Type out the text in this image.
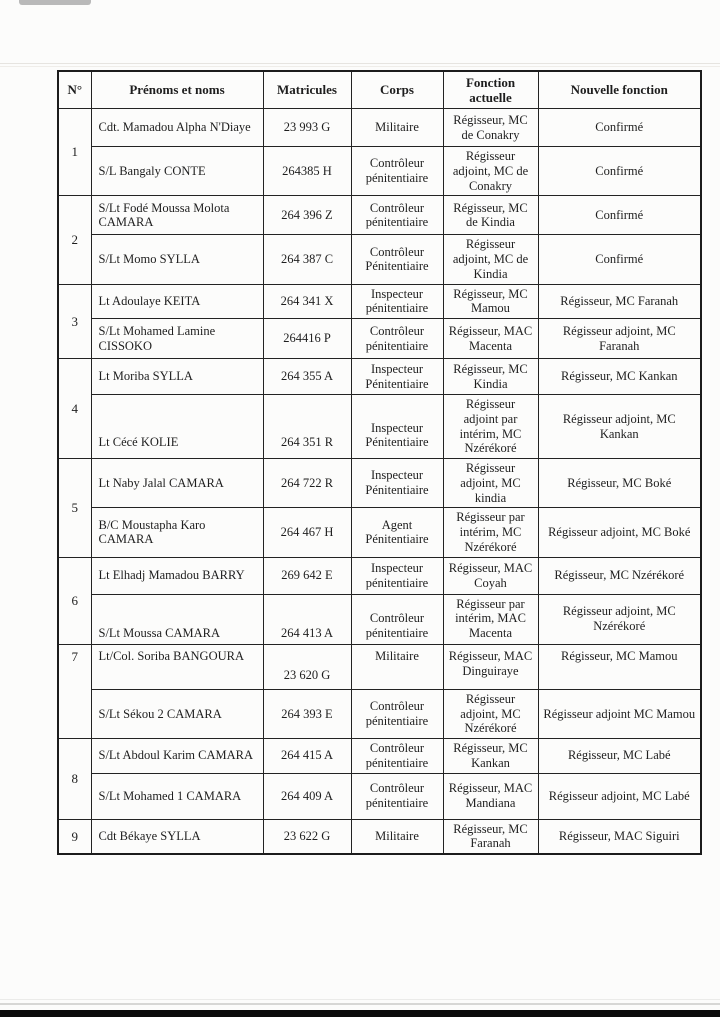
N°	Prénoms et noms	Matricules	Corps	Fonction actuelle	Nouvelle fonction
1	Cdt. Mamadou Alpha N'Diaye	23 993 G	Militaire	Régisseur, MC de Conakry	Confirmé
	S/L Bangaly CONTE	264385 H	Contrôleur pénitentiaire	Régisseur adjoint, MC de Conakry	Confirmé
2	S/Lt Fodé Moussa Molota CAMARA	264 396 Z	Contrôleur pénitentiaire	Régisseur, MC de Kindia	Confirmé
	S/Lt Momo SYLLA	264 387 C	Contrôleur Pénitentiaire	Régisseur adjoint, MC de Kindia	Confirmé
3	Lt Adoulaye KEITA	264 341 X	Inspecteur pénitentiaire	Régisseur, MC Mamou	Régisseur, MC Faranah
	S/Lt Mohamed Lamine CISSOKO	264416 P	Contrôleur pénitentiaire	Régisseur, MAC Macenta	Régisseur adjoint, MC Faranah
4	Lt Moriba SYLLA	264 355 A	Inspecteur Pénitentiaire	Régisseur, MC Kindia	Régisseur, MC Kankan
	Lt Cécé KOLIE	264 351 R	Inspecteur Pénitentiaire	Régisseur adjoint par intérim, MC Nzérékoré	Régisseur adjoint, MC Kankan
5	Lt Naby Jalal CAMARA	264 722 R	Inspecteur Pénitentiaire	Régisseur adjoint, MC kindia	Régisseur, MC Boké
	B/C Moustapha Karo CAMARA	264 467 H	Agent Pénitentiaire	Régisseur par intérim, MC Nzérékoré	Régisseur adjoint, MC Boké
6	Lt Elhadj Mamadou BARRY	269 642 E	Inspecteur pénitentiaire	Régisseur, MAC Coyah	Régisseur, MC Nzérékoré
	S/Lt Moussa CAMARA	264 413 A	Contrôleur pénitentiaire	Régisseur par intérim, MAC Macenta	Régisseur adjoint, MC Nzérékoré
7	Lt/Col. Soriba BANGOURA	23 620 G	Militaire	Régisseur, MAC Dinguiraye	Régisseur, MC Mamou
	S/Lt Sékou 2 CAMARA	264 393 E	Contrôleur pénitentiaire	Régisseur adjoint, MC Nzérékoré	Régisseur adjoint MC Mamou
8	S/Lt Abdoul Karim CAMARA	264 415 A	Contrôleur pénitentiaire	Régisseur, MC Kankan	Régisseur, MC Labé
	S/Lt Mohamed 1 CAMARA	264 409 A	Contrôleur pénitentiaire	Régisseur, MAC Mandiana	Régisseur adjoint, MC Labé
9	Cdt Békaye SYLLA	23 622 G	Militaire	Régisseur, MC Faranah	Régisseur, MAC Siguiri
